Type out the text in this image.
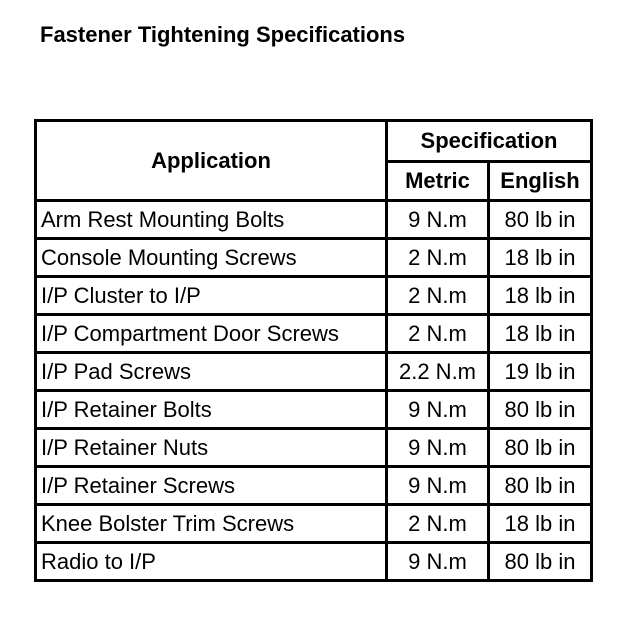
Fastener Tightening Specifications
Application	Specification	
	Metric	English
Arm Rest Mounting Bolts	9 N.m	80 lb in
Console Mounting Screws	2 N.m	18 lb in
I/P Cluster to I/P	2 N.m	18 lb in
I/P Compartment Door Screws	2 N.m	18 lb in
I/P Pad Screws	2.2 N.m	19 lb in
I/P Retainer Bolts	9 N.m	80 lb in
I/P Retainer Nuts	9 N.m	80 lb in
I/P Retainer Screws	9 N.m	80 lb in
Knee Bolster Trim Screws	2 N.m	18 lb in
Radio to I/P	9 N.m	80 lb in
